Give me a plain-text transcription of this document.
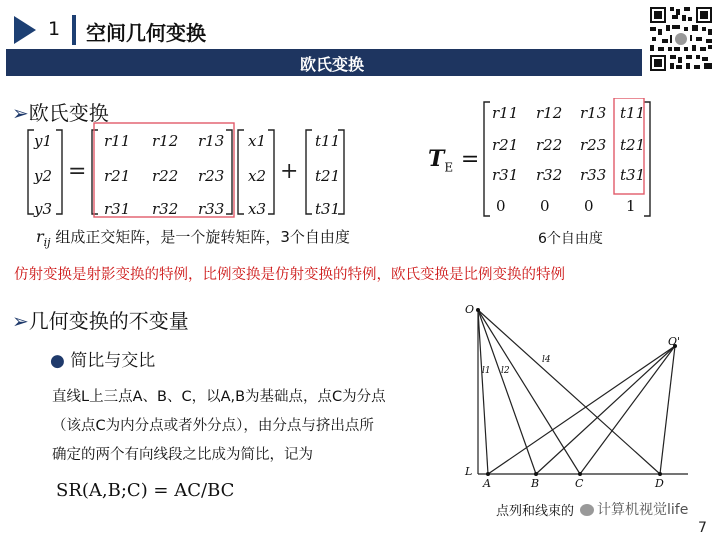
1 空间几何变换
欧氏变换
➢欧氏变换
=	+
y1
y2
y3
r11 r12 r13
r21 r22 r23
r31 r32 r33
x1
x2
x3
t11
t21
t31
$T_E$ =
r11 r12 r13 t11
r21 r22 r23 t21
r31 r32 r33 t31
0 0 0 1
$r_{ij}$ 组成正交矩阵，是一个旋转矩阵，3个自由度	6个自由度
仿射变换是射影变换的特例，比例变换是仿射变换的特例，欧氏变换是比例变换的特例
➢几何变换的不变量
● 简比与交比
直线L上三点A、B、C，以A,B为基础点，点C为分点
（该点C为内分点或者外分点），由分点与挤出点所
确定的两个有向线段之比成为简比，记为
SR(A,B;C) = AC/BC
O
O'
L
A	B	C	D
l1 l2
l4
点列和线束的	计算机视觉life
7
